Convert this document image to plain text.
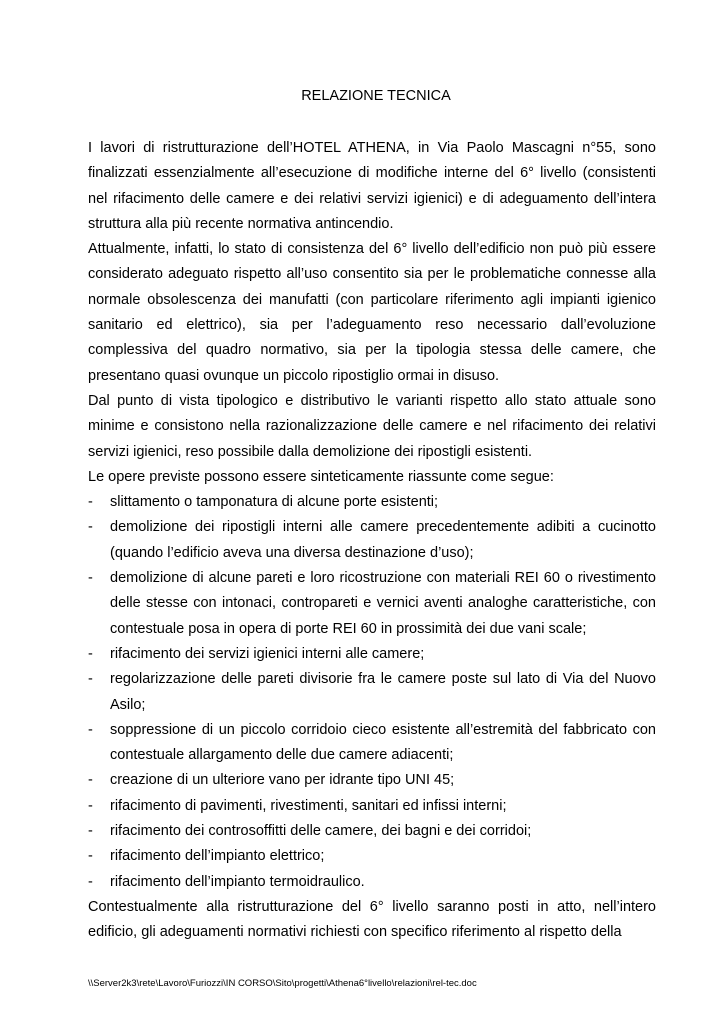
RELAZIONE TECNICA

I lavori di ristrutturazione dell’HOTEL ATHENA, in Via Paolo Mascagni n°55, sono finalizzati essenzialmente all’esecuzione di modifiche interne del 6° livello (consistenti nel rifacimento delle camere e dei relativi servizi igienici) e di adeguamento dell’intera struttura alla più recente normativa antincendio.

Attualmente, infatti, lo stato di consistenza del 6° livello dell’edificio non può più essere considerato adeguato rispetto all’uso consentito sia per le problematiche connesse alla normale obsolescenza dei manufatti (con particolare riferimento agli impianti igienico sanitario ed elettrico), sia per l’adeguamento reso necessario dall’evoluzione complessiva del quadro normativo, sia per la tipologia stessa delle camere, che presentano quasi ovunque un piccolo ripostiglio ormai in disuso.

Dal punto di vista tipologico e distributivo le varianti rispetto allo stato attuale sono minime e consistono nella razionalizzazione delle camere e nel rifacimento dei relativi servizi igienici, reso possibile dalla demolizione dei ripostigli esistenti.

Le opere previste possono essere sinteticamente riassunte come segue:

- slittamento o tamponatura di alcune porte esistenti;
- demolizione dei ripostigli interni alle camere precedentemente adibiti a cucinotto (quando l’edificio aveva una diversa destinazione d’uso);
- demolizione di alcune pareti e loro ricostruzione con materiali REI 60 o rivestimento delle stesse con intonaci, contropareti e vernici aventi analoghe caratteristiche, con contestuale posa in opera di porte REI 60 in prossimità dei due vani scale;
- rifacimento dei servizi igienici interni alle camere;
- regolarizzazione delle pareti divisorie fra le camere poste sul lato di Via del Nuovo Asilo;
- soppressione di un piccolo corridoio cieco esistente all’estremità del fabbricato con contestuale allargamento delle due camere adiacenti;
- creazione di un ulteriore vano per idrante tipo UNI 45;
- rifacimento di pavimenti, rivestimenti, sanitari ed infissi interni;
- rifacimento dei controsoffitti delle camere, dei bagni e dei corridoi;
- rifacimento dell’impianto elettrico;
- rifacimento dell’impianto termoidraulico.

Contestualmente alla ristrutturazione del 6° livello saranno posti in atto, nell’intero edificio, gli adeguamenti normativi richiesti con specifico riferimento al rispetto della

\\Server2k3\rete\Lavoro\Furiozzi\IN CORSO\Sito\progetti\Athena6°livello\relazioni\rel-tec.doc
